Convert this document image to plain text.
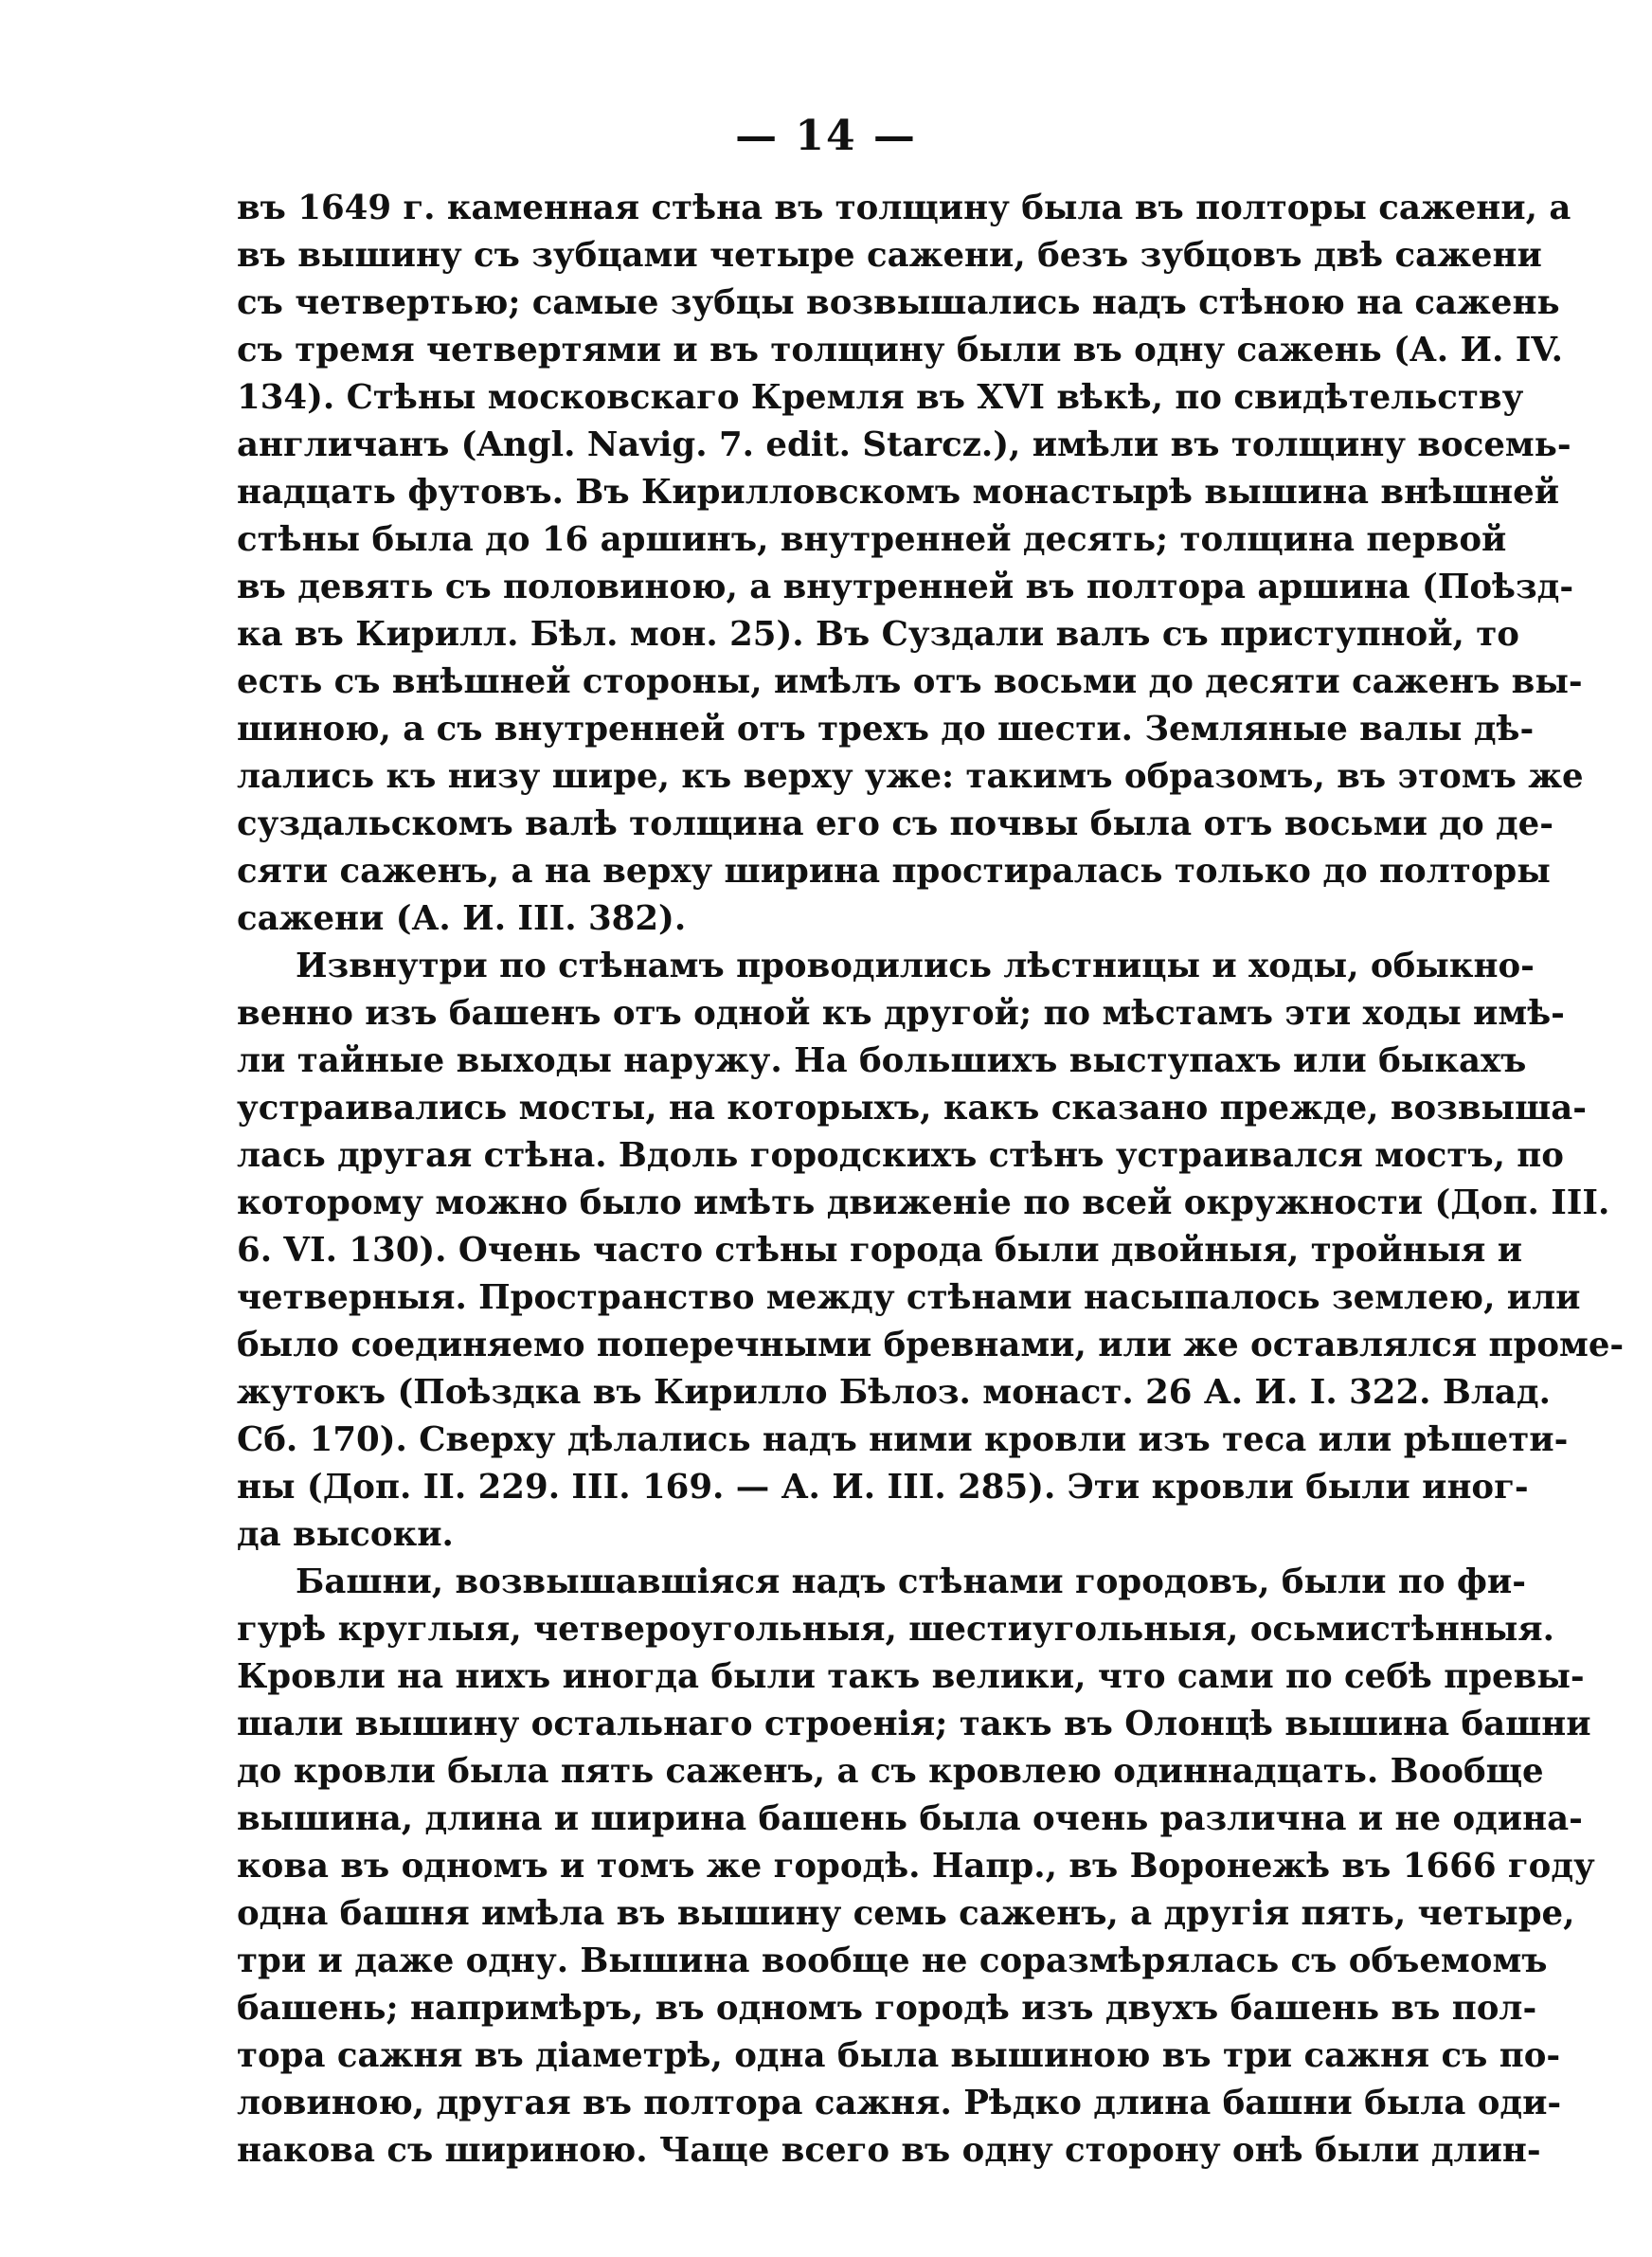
— 14 —

въ 1649 г. каменная стѣна въ толщину была въ полторы сажени, а
въ вышину съ зубцами четыре сажени, безъ зубцовъ двѣ сажени
съ четвертью; самые зубцы возвышались надъ стѣною на сажень
съ тремя четвертями и въ толщину были въ одну сажень (А. И. IV.
134). Стѣны московскаго Кремля въ XVI вѣкѣ, по свидѣтельству
англичанъ (Angl. Navig. 7. edit. Starcz.), имѣли въ толщину восемь-
надцать футовъ. Въ Кирилловскомъ монастырѣ вышина внѣшней
стѣны была до 16 аршинъ, внутренней десять; толщина первой
въ девять съ половиною, а внутренней въ полтора аршина (Поѣзд-
ка въ Кирилл. Бѣл. мон. 25). Въ Суздали валъ съ приступной, то
есть съ внѣшней стороны, имѣлъ отъ восьми до десяти саженъ вы-
шиною, а съ внутренней отъ трехъ до шести. Земляные валы дѣ-
лались къ низу шире, къ верху уже: такимъ образомъ, въ этомъ же
суздальскомъ валѣ толщина его съ почвы была отъ восьми до де-
сяти саженъ, а на верху ширина простиралась только до полторы
сажени (А. И. III. 382).

Извнутри по стѣнамъ проводились лѣстницы и ходы, обыкно-
венно изъ башенъ отъ одной къ другой; по мѣстамъ эти ходы имѣ-
ли тайные выходы наружу. На большихъ выступахъ или быкахъ
устраивались мосты, на которыхъ, какъ сказано прежде, возвыша-
лась другая стѣна. Вдоль городскихъ стѣнъ устраивался мостъ, по
которому можно было имѣть движеніе по всей окружности (Доп. III.
6. VI. 130). Очень часто стѣны города были двойныя, тройныя и
четверныя. Пространство между стѣнами насыпалось землею, или
было соединяемо поперечными бревнами, или же оставлялся проме-
жутокъ (Поѣздка въ Кирилло Бѣлоз. монаст. 26 А. И. I. 322. Влад.
Сб. 170). Сверху дѣлались надъ ними кровли изъ теса или рѣшети-
ны (Доп. II. 229. III. 169. — А. И. III. 285). Эти кровли были иног-
да высоки.

Башни, возвышавшіяся надъ стѣнами городовъ, были по фи-
гурѣ круглыя, четвероугольныя, шестиугольныя, осьмистѣнныя.
Кровли на нихъ иногда были такъ велики, что сами по себѣ превы-
шали вышину остальнаго строенія; такъ въ Олонцѣ вышина башни
до кровли была пять саженъ, а съ кровлею одиннадцать. Вообще
вышина, длина и ширина башень была очень различна и не одина-
кова въ одномъ и томъ же городѣ. Напр., въ Воронежѣ въ 1666 году
одна башня имѣла въ вышину семь саженъ, а другія пять, четыре,
три и даже одну. Вышина вообще не соразмѣрялась съ объемомъ
башень; напримѣръ, въ одномъ городѣ изъ двухъ башень въ пол-
тора сажня въ діаметрѣ, одна была вышиною въ три сажня съ по-
ловиною, другая въ полтора сажня. Рѣдко длина башни была оди-
накова съ шириною. Чаще всего въ одну сторону онѣ были длин-
